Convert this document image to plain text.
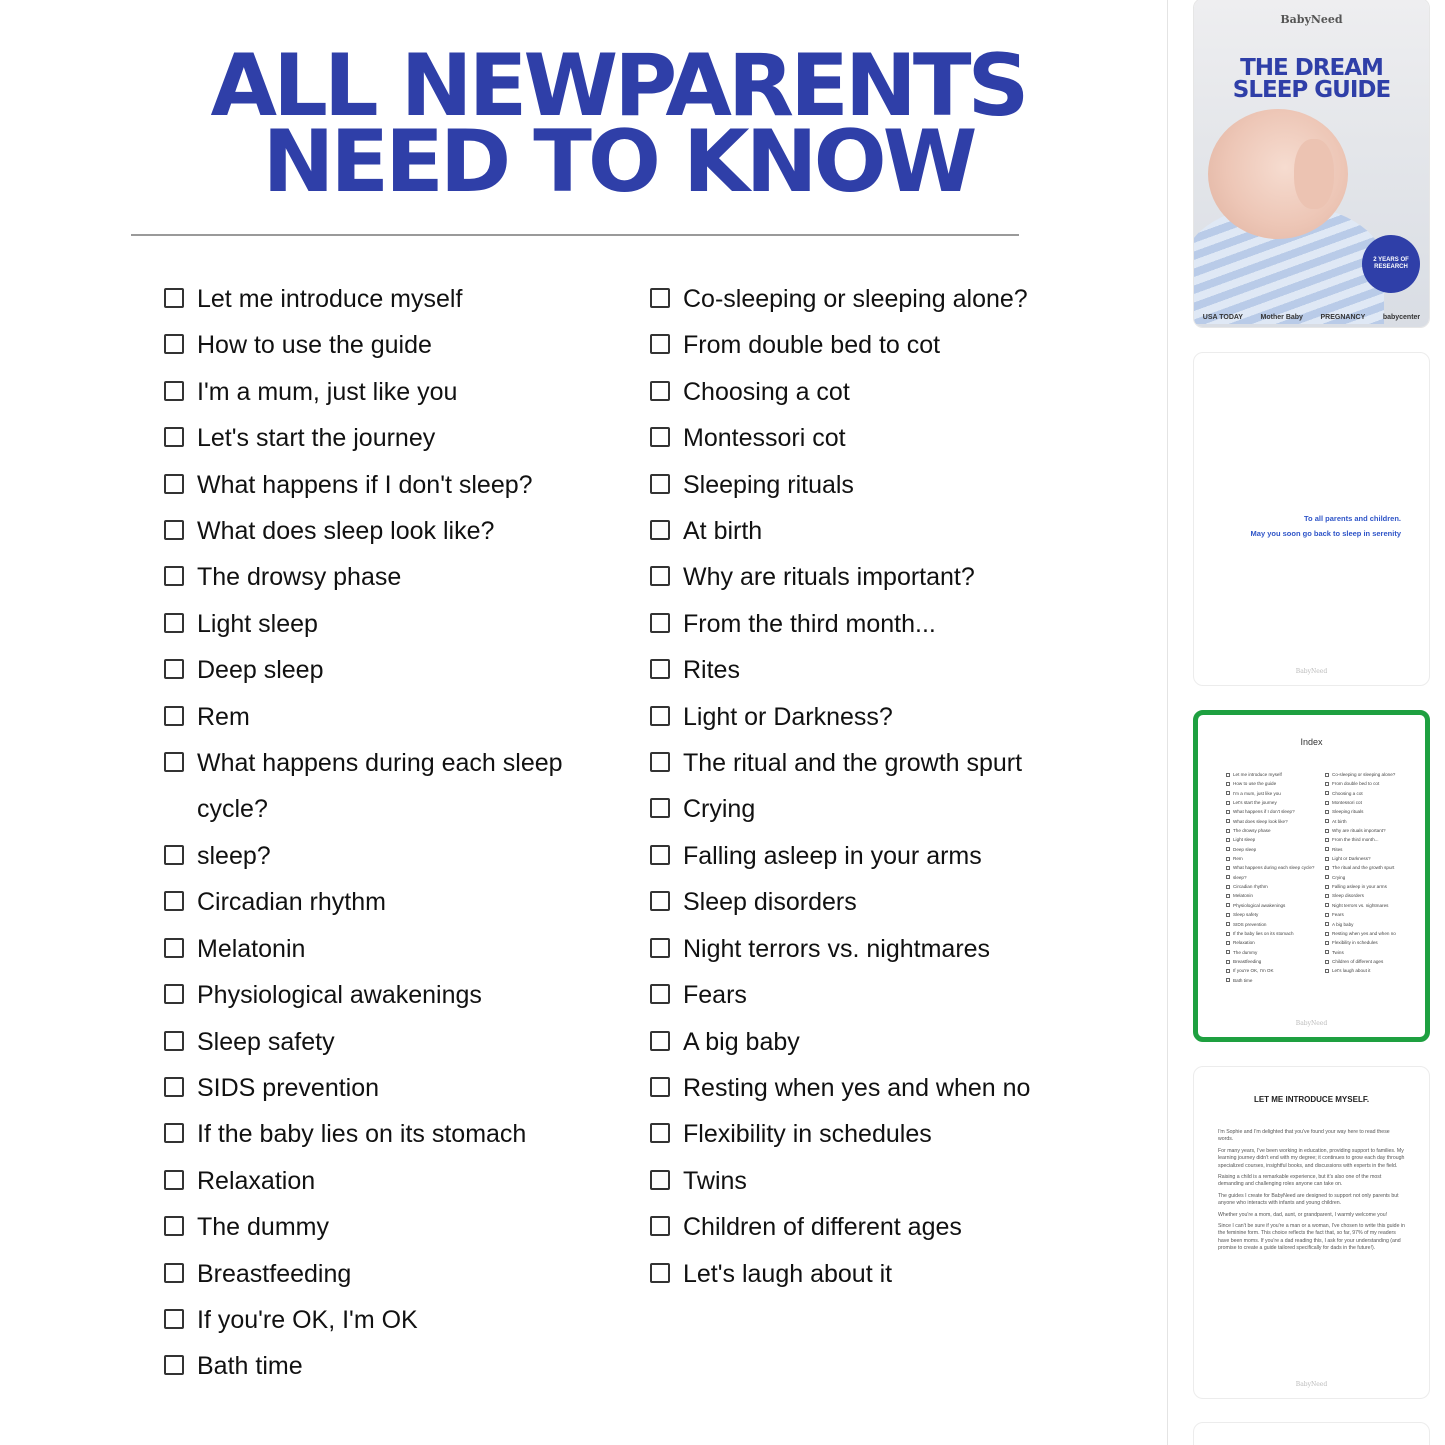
ALL NEWPARENTS
NEED TO KNOW
Let me introduce myself
How to use the guide
I'm a mum, just like you
Let's start the journey
What happens if I don't sleep?
What does sleep look like?
The drowsy phase
Light sleep
Deep sleep
Rem
What happens during each sleep cycle?
sleep?
Circadian rhythm
Melatonin
Physiological awakenings
Sleep safety
SIDS prevention
If the baby lies on its stomach
Relaxation
The dummy
Breastfeeding
If you're OK, I'm OK
Bath time
Co-sleeping or sleeping alone?
From double bed to cot
Choosing a cot
Montessori cot
Sleeping rituals
At birth
Why are rituals important?
From the third month...
Rites
Light or Darkness?
The ritual and the growth spurt
Crying
Falling asleep in your arms
Sleep disorders
Night terrors vs. nightmares
Fears
A big baby
Resting when yes and when no
Flexibility in schedules
Twins
Children of different ages
Let's laugh about it
BabyNeed
THE DREAM
SLEEP GUIDE
2 YEARS OF RESEARCH
USA TODAY	Mother Baby	PREGNANCY	babycenter
To all parents and children.
May you soon go back to sleep in serenity
BabyNeed
Index
Let me introduce myself
How to use the guide
I'm a mum, just like you
Let's start the journey
What happens if I don't sleep?
What does sleep look like?
The drowsy phase
Light sleep
Deep sleep
Rem
What happens during each sleep cycle?
sleep?
Circadian rhythm
Melatonin
Physiological awakenings
Sleep safety
SIDS prevention
If the baby lies on its stomach
Relaxation
The dummy
Breastfeeding
If you're OK, I'm OK
Bath time
Co-sleeping or sleeping alone?
From double bed to cot
Choosing a cot
Montessori cot
Sleeping rituals
At birth
Why are rituals important?
From the third month...
Rites
Light or Darkness?
The ritual and the growth spurt
Crying
Falling asleep in your arms
Sleep disorders
Night terrors vs. nightmares
Fears
A big baby
Resting when yes and when no
Flexibility in schedules
Twins
Children of different ages
Let's laugh about it
BabyNeed
LET ME INTRODUCE MYSELF.

I'm Sophie and I'm delighted that you've found your way here to read these words.

For many years, I've been working in education, providing support to families. My learning journey didn't end with my degree; it continues to grow each day through specialized courses, insightful books, and discussions with experts in the field.

Raising a child is a remarkable experience, but it's also one of the most demanding and challenging roles anyone can take on.

The guides I create for BabyNeed are designed to support not only parents but anyone who interacts with infants and young children.

Whether you're a mom, dad, aunt, or grandparent, I warmly welcome you!

Since I can't be sure if you're a man or a woman, I've chosen to write this guide in the feminine form. This choice reflects the fact that, so far, 97% of my readers have been moms. If you're a dad reading this, I ask for your understanding (and promise to create a guide tailored specifically for dads in the future!).

BabyNeed
